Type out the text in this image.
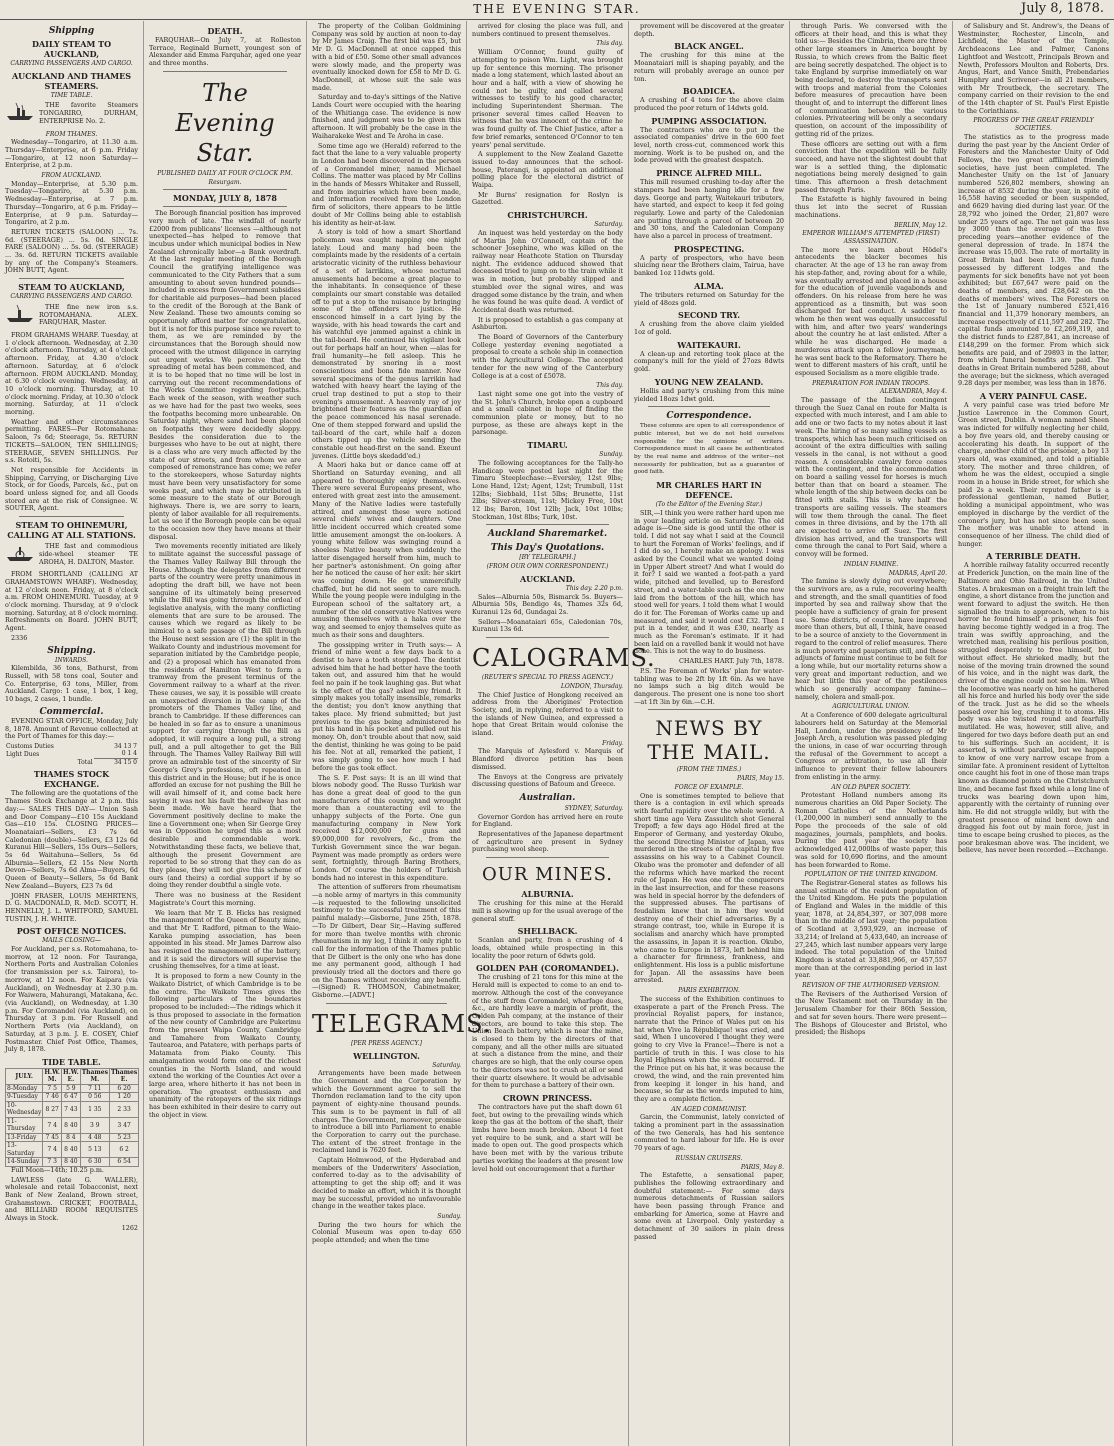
THE EVENING STAR.	July 8, 1878.
Shipping
DAILY STEAM TO AUCKLAND,
CARRYING PASSENGERS AND CARGO.
AUCKLAND AND THAMES STEAMERS.
TIME TABLE.

THE favorite Steamers TONGARIRO, DURHAM, ENTERPRISE No. 2.

FROM THAMES.

Wednesday—Tongariro, at 11.30 a.m. Thursday—Enterprise, at 6 p.m. Friday—Tongariro, at 12 noon Saturday—Enterprise, at 2 p.m.

FROM AUCKLAND.

Monday—Enterprise, at 5.30 p.m. Tuesday—Tongariro, at 5.30 p.m. Wednesday—Enterprise, at 7 p.m. Thursday—Tongariro, at 6 p.m. Friday—Enterprise, at 9 p.m. Saturday—Tongariro, at 2 p.m.

RETURN TICKETS (SALOON) ... 7s. 6d. (STEERAGE) ... 5s. 0d. SINGLE FARE (SALOON) ... 5s. 0d. (STEERAGE) ... 3s. 6d. RETURN TICKETS available by any of the Company's Steamers. JOHN BUTT, Agent.

STEAM TO AUCKLAND,
CARRYING PASSENGERS AND CARGO.

THE fine new iron s.s. ROTOMAHANA. ALEX. FARQUHAR, Master.

FROM GRAHAMS WHARF. Tuesday, at 1 o'clock afternoon. Wednesday, at 2.30 o'clock afternoon. Thursday, at 4 o'clock afternoon. Friday, at 4.30 o'clock afternoon. Saturday, at 6 o'clock afternoon. FROM AUCKLAND. Monday, at 6.30 o'clock evening. Wednesday, at 10 o'clock morning. Thursday, at 10 o'clock morning. Friday, at 10.30 o'clock morning. Saturday, at 11 o'clock morning.

Weather and other circumstances permitting. FARES—Per Rotomahana: Saloon, 7s 6d; Steerage, 5s. RETURN TICKETS—SALOON, TEN SHILLINGS; STEERAGE, SEVEN SHILLINGS. Per s.s. Rotoiti, 5s.

Not responsible for Accidents in Shipping, Carrying, or Discharging Live Stock, or for Goods, Parcels, &c., put on board unless signed for, and all Goods stored are at the risk of Consignee. W. SOUTER, Agent.

STEAM TO OHINEMURI, CALLING AT ALL STATIONS.

THE fast and commodious side-wheel steamer TE AROHA, H. DALTON, Master.

FROM SHORTLAND (CALLING AT GRAHAMSTOWN WHARF). Wednesday, at 12 o'clock noon. Friday, at 8 o'clock a.m. FROM OHINEMURI. Tuesday, at 9 o'clock morning. Thursday, at 9 o'clock morning. Saturday, at 8 o'clock morning. Refreshments on Board. JOHN BUTT, Agent.

2336

Shipping.
INWARDS.

Kilembilda, 36 tons, Bathurst, from Russell, with 58 tons coal, Souter and Co. Enterprise, 63 tons, Miller, from Auckland. Cargo: 1 case, 1 box, 1 keg, 10 bags, 2 cases, 1 bundle.

Commercial.

EVENING STAR OFFICE, Monday, July 8, 1878. Amount of Revenue collected at the Port of Thames for this day:—

Customs Duties	34 13 7
Light Dues	0 1 4
Total	34 15 0
THAMES STOCK EXCHANGE.

The following are the quotations of the Thames Stock Exchange at 2 p.m. this day:— SALES THIS DAY— Union Sash and Door Company—£10 15s Auckland Gas—£10 15s. CLOSING PRICES— Moanataiari—Sellers, £3 7s 6d Caledonian (double)—Sellers, £3 12s 6d Kuranui Hill—Sellers, 15s Ours—Sellers, 5s 6d Waitahuna—Sellers, 5s 6d Alburnia—Sellers, £2 15s New North Devon—Sellers, 7s 6d Alma—Buyers, 6d Queen of Beauty—Sellers, 5s 6d Bank New Zealand—Buyers, £23 7s 6d

JOHN FRASER, LOUIS MEHRTENS, D. G. MACDONALD, R. McD. SCOTT, H. HENNELLY, J. L. WHITFORD, SAMUEL TUSTIN, J. H. WHITE.

POST OFFICE NOTICES.
MAILS CLOSING—

For Auckland, per s.s. Rotomahana, to-morrow, at 12 noon. For Tauranga, Northern Ports and Australian Colonies (for transmission per s.s. Tairora), to-morrow, at 12 noon. For Kaipara (via Auckland), on Wednesday at 2.30 p.m. For Waiwera, Mahurangi, Matakana, &c. (via Auckland), on Wednesday, at 1.30 p.m. For Coromandel (via Auckland), on Thursday at 3 p.m. For Russell and Northern Ports (via Auckland), on Saturday, at 3 p.m. J. E. COSEY, Chief Postmaster. Chief Post Office, Thames, July 8, 1878.

TIDE TABLE.
JULY.	H.W. M.	H.W. E.	Thames M.	Thames E.
8-Monday	7 5	5 9	7 11	6 20
9-Tuesday	7 46	6 47	0 56	1 20
10-Wednesday	8 27	7 43	1 35	2 33
11-Thursday	7 4	8 40	3 9	3 47
13-Friday	7 45	8 4	4 48	5 23
13-Saturday	7 4	8 40	5 13	6 2
14-Sunday	7 3	8 40	6 30	6 54

Full Moon—14th; 10.25 p.m.

LAWLESS (late G. WALLER), wholesale and retail Tobacconist, next Bank of New Zealand, Brown street, Grahamstown. CRICKET, FOOTBALL, and BILLIARD ROOM REQUISITES Always in Stock.

1262

DEATH.

FARQUHAR—On July 7, at Rolleston Terrace, Reginald Burnett, youngest son of Alexander and Emma Farquhar, aged one year and three months.

The Evening Star.
PUBLISHED DAILY AT FOUR O'CLOCK P.M.
Resurgam.
MONDAY, JULY 8, 1878

The Borough financial position has improved very much of late. The windfall of nearly £2000 from publicans' licenses —although not unexpected—has helped to remove that incubus under which municipal bodies in New Zealand chronically labor—a Bank overdraft. At the last regular meeting of the Borough Council the gratifying intelligence was communicated to the City Fathers that a sum amounting to about seven hundred pounds—included in excess from Government subsidies for charitable aid purposes—had been placed to the credit of the Borough at the Bank of New Zealand. These two amounts coming so opportunely afford matter for congratulation, but it is not for this purpose since we revert to them, as we are reminded by the circumstances that the Borough should now proceed with the utmost diligence in carrying out urgent works. We perceive that the spreading of metal has been commenced, and it is to be hoped that no time will be lost in carrying out the recent recommendations of the Works Committee regarding footpaths. Each week of the season, with weather such as we have had for the past two weeks, sees the footpaths becoming more unbearable. On Saturday night, where sand had been placed on footpaths they were decidedly sloppy. Besides the consideration due to the burgesses who have to be out at night, there is a class who are very much affected by the state of our streets, and from whom we are composed of remonstrance has come; we refer to the storekeepers, whose Saturday nights must have been very unsatisfactory for some weeks past, and which may be attributed in some measure to the state of our Borough highways. There is, we are sorry to learn, plenty of labor available for all requirements. Let us see if the Borough people can be equal to the occasion now they have means at their disposal.

Two movements recently initiated are likely to militate against the successful passage of the Thames Valley Railway Bill through the House. Although the delegates from different parts of the country were pretty unanimous in adopting the draft bill, we have not been sanguine of its ultimately being preserved while the Bill was going through the ordeal of legislative analysis, with the many conflicting elements that are sure to be aroused. The causes which we regard as likely to be inimical to a safe passage of the Bill through the House next session are (1) the split in the Waikato County and industrious movement for separation initiated by the Cambridge people, and (2) a proposal which has emanated from the residents of Hamilton West to form a tramway from the present terminus of the Government railway to a wharf at the river. These causes, we say, it is possible will create an unexpected diversion in the camp of the promoters of the Thames Valley line, and branch to Cambridge. If these differences can be healed in so far as to ensure a unanimous support for carrying through the Bill as adopted, it will require a long pull, a strong pull, and a pull altogether to get the Bill through. The Thames Valley Railway Bill will prove an admirable test of the sincerity of Sir George's Grey's professions, oft repeated in this district and in the House; but if he is once afforded an excuse for not pushing the Bill he will avail himself of it, and come back here saying it was not his fault the railway has not been made. We have heard that the Government positively decline to make the line a Government one; when Sir George Grey was in Opposition he urged this as a most desirable and commendable work. Notwithstanding these facts, we believe that, although the present Government are reported to be so strong that they can do as they please, they will not give this scheme of ours (and theirs) a cordial support if by so doing they render doubtful a single vote.

There was no business at the Resident Magistrate's Court this morning.

We learn that Mr T. B. Hicks has resigned the management of the Queen of Beauty mine, and that Mr T. Radford, pitman to the Waio-Karaka pumping association, has been appointed in his stead. Mr James Darrow also has resigned the management of the battery, and it is said the directors will supervise the crushing themselves, for a time at least.

It is proposed to form a new County in the Waikato District, of which Cambridge is to be the centre. The Waikato Times gives the following particulars of the boundaries proposed to be included:—The ridings which it is thus proposed to associate in the formation of the new county of Cambridge are Pukerimu from the present Waipa County, Cambridge and Tamahere from Waikato County, Tautearoa, and Patatere, with perhaps parts of Matamata from Piako County. This amalgamation would form one of the richest counties in the North Island, and would extend the working of the Counties Act over a large area, where hitherto it has not been in operation. The greatest enthusiasm and unanimity of the ratepayers of the six ridings has been exhibited in their desire to carry out the object in view.

The property of the Coliban Goldmining Company was sold by auction at noon to-day by Mr James Craig. The first bid was £5, but Mr D. G. MacDonnell at once capped this with a bid of £50. Some other small advances were slowly made, and the property was eventually knocked down for £58 to Mr D. G. MacDonnell, at whose suit the sale was made.

Saturday and to-day's sittings of the Native Lands Court were occupied with the hearing of the Whitianga case. The evidence is now finished, and judgment was to be given this afternoon. It will probably be the case in the Waiharakeke West and Te Aroha in case.

Some time ago we (Herald) referred to the fact that the lane to a very valuable property in London had been discovered in the person of a Coromandel miner, named Michael Collins. The matter was placed by Mr Collins in the hands of Messrs Whitaker and Russell, and from inquiries which have been made, and information received from the London firm of solicitors, there appears to be little doubt of Mr Collins being able to establish his identity as heir-at-law.

A story is told of how a smart Shortland policeman was caught napping one night lately. Loud and many had been the complaints made by the residents of a certain aristocratic vicinity of the ruthless behaviour of a set of larrikins, whose nocturnal amusements had become a great plague to the inhabitants. In consequence of these complaints our smart constable was detailed off to put a stop to the nuisance by bringing some of the offenders to justice. He ensconced himself in a cart lying by the wayside, with his head towards the cart and his watchful eye jammed against a chink in the tail-board. He continued his vigilant look out for perhaps half an hour, when —alas for frail humanity—he fell asleep. This he demonstrated by snoring in a most conscientious and bona fide manner. Now several specimens of the genus larrikin had watched with heavy heart the laying of the cruel trap destined to put a stop to their evening's amusement. A heavenly ray of joy brightened their features as the guardian of the peace commenced his nasal serenade. One of them stepped forward and upslid the tail-board of the cart, while half a dozen others tipped up the vehicle sending the constable out head-first on the sand. Exeunt juvenes. (Little boys skedadd'ed.)

A Maori haka but or dance came off at Shortland on Saturday evening, and all appeared to thoroughly enjoy themselves. There were several Europeans present, who entered with great zest into the amusement. Many of the Native ladies were tastefully attired, and amongst these were noticed several chiefs' wives and daughters. One little incident occurred which created some little amusement amongst the on-lookers. A young white fellow was swinging round a shoeless Native beauty when suddenly the latter disengaged herself from him, much to her partner's astonishment. On going after her he noticed the cause of her exit: her skirt was coming down. He got unmercifully chaffed, but he did not seem to care much. While the young people were indulging in the European school of the saltatory art, a number of the old conservative Natives were amusing themselves with a haka over the way, and seemed to enjoy themselves quite as much as their sons and daughters.

The gossipping writer in Truth says:— A friend of mine went a few days back to a dentist to have a tooth stopped. The dentist advised him that he had better have the tooth taken out, and assured him that he would feel no pain if he took laughing gas. But what is the effect of the gas? asked my friend. It simply makes you totally insensible, remarks the dentist; you don't know anything that takes place. My friend submitted; but just previous to the gas being administered he put his hand in his pocket and pulled out his money. Oh, don't trouble about that now, said the dentist, thinking he was going to be paid his fee. Not at all, remarked the patient, I was simply going to see how much I had before the gas took effect.

The S. F. Post says: It is an ill wind that blows nobody good. The Russo Turkish war has done a great deal of good to the gun manufacturers of this country, and wrought more than a counteracting evil to the unhappy subjects of the Porte. One gun manufacturing company in New York received $12,000,000 for guns and $9,000,000 for revolvers, &c., from the Turkish Government since the war began. Payment was made promptly as orders were sent, fortnightly, through Baring Brothers, London. Of course the holders of Turkish bonds had no interest in this expenditure.

The attention of sufferers from rheumatism—a noble army of martyrs in this community—is requested to the following unsolicited testimony to the successful treatment of this painful malady:—Gisborne, June 25th, 1878.—To Dr Gilbert, Dear Sir,—Having suffered for more than twelve months with chronic rheumatism in my leg, I think it only right to call for the information of the Thames public that Dr Gilbert is the only one who has done me any permanent good, although I had previously tried all the doctors and there go on the Thames without receiving any benefit.—(Signed) R. THOMSON, Cabinetmaker, Gisborne.—[ADVT.]

TELEGRAMS.
[PER PRESS AGENCY.]
WELLINGTON.
Saturday.

Arrangements have been made between the Government and the Corporation by which the Government agree to sell the Thorndon reclamation land to the city upon payment of eighty-nine thousand pounds. This sum is to be payment in full of all charges. The Government, moreover, promise to introduce a bill into Parliament to enable the Corporation to carry out the purchase. The extent of the street frontage in the reclaimed land is 7620 feet.

Captain Holmwood, of the Hyderabad and members of the Underwriters' Association, conferred to-day as to the advisability of attempting to get the ship off; and it was decided to make an effort, which it is thought may be successful, provided no unfavourable change in the weather takes place.

Sunday.

During the two hours for which the Colonial Museum was open to-day 650 people attended; and when the time

arrived for closing the place was full, and numbers continued to present themselves.

This day.

William O'Connor, found guilty of attempting to poison Wm. Light, was brought up for sentence this morning. The prisoner made a long statement, which lasted about an hour and a half, with a view of showing he could not be guilty, and called several witnesses to testify to his good character, including Superintendent Sherman. The prisoner several times called Heaven to witness that he was innocent of the crime he was found guilty of. The Chief Justice, after a few brief remarks, sentenced O'Connor to ten years' penal servitude.

A supplement to the New Zealand Gazette issued to-day announces that the school-house, Paterangi, is appointed an additional polling place for the electoral district of Waipa.

Mr Burns' resignation for Roslyn is Gazetted.

CHRISTCHURCH.
Saturday.

An inquest was held yesterday on the body of Martin John O'Connell, captain of the schooner Josephine, who was killed on the railway near Heathcote Station on Thursday night. The evidence adduced showed that deceased tried to jump on to the train while it was in motion, but probably slipped and stumbled over the signal wires, and was dragged some distance by the train, and when he was found he was quite dead. A verdict of Accidental death was returned.

It is proposed to establish a gas company at Ashburton.

The Board of Governors of the Canterbury College yesterday evening negotiated a proposal to create a schole ship in connection with the Agricultural College. The accepted tender for the new wing of the Canterbury College is at a cost of £5078.

This day.

Last night some one got into the vestry of the St. John's Church, broke open a cupboard and a small cabinet in hope of finding the communion plate or money, but to no purpose, as these are always kept in the parsonage.

TIMARU.
Sunday.

The following acceptances for the Tally-ho Handicap were posted last night for the Timaru Steeplechase:—Eversley, 12st 9lbs; Lone Hand, 12st; Agent, 12st; Trumbull, 11st 12lbs; Siebbald, 11st 5lbs; Brunette, 11st 2lbs; Silver-stream, 11st; Mickey Free, 10st 12 lbs; Baron, 10st 12lb; Jack, 10st 10lbs; Stockman, 10st 8lbs; Turk, 10st.

Auckland Sharemarket.
This Day's Quotations.
[BY TELEGRAPH.]
(FROM OUR OWN CORRESPONDENT.)
AUCKLAND.
This day. 2.20 p.m.

Sales—Alburnia 50s, Bismarck 5s. Buyers—Alburnia 50s, Bendigo 4s, Thames 32s 6d, Kuranui 12s 6d, Gundagai 2s.

Sellers—Moanataiari 65s, Caledonian 70s, Kuranui 13s 6d.

CALOGRAMS.
(REUTER'S SPECIAL TO PRESS AGENCY.)
LONDON, Thursday.

The Chief Justice of Hongkong received an address from the Aborigines' Protection Society, and, in replying, referred to a visit to the islands of New Guinea, and expressed a hope that Great Britain would colonise the island.

Friday.

The Marquis of Aylesford v. Marquis of Blandford divorce petition has been dismissed.

The Envoys at the Congress are privately discussing questions of Batoum and Greece.

Australian.
SYDNEY, Saturday.

Governor Gordon has arrived here en route for England.

Representatives of the Japanese department of agriculture are present in Sydney purchasing wool sheep.

OUR MINES.
ALBURNIA.

The crushing for this mine at the Herald mill is showing up for the usual average of the general stuff.

SHELLBACK.

Scanlan and party, from a crushing of 4 loads, obtained while prospecting in this locality the poor return of 6dwts gold.

GOLDEN PAH (COROMANDEL).

The crushing of 21 tons for this mine at the Herald mill is expected to come to an end to-morrow. Although the cost of the conveyance of the stuff from Coromandel, wharfage dues, &c., are hardly leave a margin of profit, the Golden Pah company, at the instance of their directors, are bound to take this step. The Union Beach battery, which is near the mine, is closed to them by the directors of that company, and all the other mills are situated at such a distance from the mine, and their charges are so high, that the only course open to the directors was not to crush at all or send their quartz elsewhere. It would be advisable for them to purchase a battery of their own.

CROWN PRINCESS.

The contractors have put the shaft down 61 feet, but owing to the prevailing winds which keep the gas at the bottom of the shaft, their limbs have been much broken. About 14 feet yet require to be sunk, and a start will be made to open out. The good prospects which have been met with by the various tribute parties working the leaders at the present low level hold out encouragement that a further

provement will be discovered at the greater depth.

BLACK ANGEL.

The crushing for this mine at the Moanataiari mill is shaping payably, and the return will probably average an ounce per ton.

BOADICEA.

A crushing of 4 tons for the above claim produced the poor return of 14dwts gold.

PUMPING ASSOCIATION.

The contractors who are to put in the associated companies' drive in the 600 feet level, north cross-cut, commenced work this morning. Work is to be pushed on, and the lode proved with the greatest despatch.

PRINCE ALFRED MILL.

This mill resumed crushing to-day after the stampers had been hanging idle for a few days. George and party, Waitekauri tributers, have started, and expect to keep it fed going regularly. Lowe and party of the Caledonian are putting through a parcel of between 20 and 30 tons, and the Caledonian Company have also a parcel in process of treatment.

PROSPECTING.

A party of prospectors, who have been sluicing near the Brothers claim, Tairua, have banked 1oz 11dwts gold.

ALMA.

The tributers returned on Saturday for the yield of 48ozs gold.

SECOND TRY.

A crushing from the above claim yielded 1oz of gold.

WAITEKAURI.

A clean-up and retorting took place at the company's mill for the yield of 27ozs 8dwts gold.

YOUNG NEW ZEALAND.

Hollis and party's crushing from this mine yielded 18ozs 1dwt gold.

Correspondence.

These columns are open to all correspondence of public interest, but we do not hold ourselves responsible for the opinions of writers. Correspondence must in all cases be authenticated by the real name and address of the writer—not necessarily for publication, but as a guarantee of good faith.

MR CHARLES HART IN DEFENCE.
(To the Editor of the Evening Star.)

SIR,—I think you were rather hard upon me in your leading article on Saturday. The old adage is—One side is good until the other is told. I did not say what I said at the Council to hurt the Foreman of Works' feelings, and if I did do so, I hereby make an apology. I was asked by the Council what we wanted doing in Upper Albert street? And what I would do it for? I said we wanted a foot-path a yard wide, pitched and levelled, up to Beresford street, and a water-table such as the one now laid from the bottom of the hill, which has stood well for years. I told them what I would do it for. The Foreman of Works came up and measured, and said it would cost £32. Then I put in a tender, and it was £30, nearly as much as the Foreman's estimate. If it had been laid on a ravelled bank it would not have done. This is not the way to do business.

CHARLES HART. July 7th, 1878.

P.S. The Foreman of Works' plan for water-tabling was to be 2ft by 1ft 6in. As we have no lamps such a big ditch would be dangerous. The present one is none too short—at 1ft 3in by 6in.—C.H.

NEWS BY THE MAIL.
(FROM THE TIMES.)
PARIS, May 15.
FORCE OF EXAMPLE.

One is sometimes tempted to believe that there is a contagion in evil which spreads with fearful rapidity over the whole world. A short time ago Vera Zassulitch shot General Trepoff; a few days ago Hödel fired at the Emperor of Germany, and yesterday Okubo, the second Directing Minister of Japan, was murdered in the streets of the capital by five assassins on his way to a Cabinet Council. Okubo was the promoter and defender of all the reforms which have marked the recent rule of Japan. He was one of the conquerors in the last insurrection, and for these reasons was held in special horror by the defenders of the suppressed abuses. The partisans of feudalism knew that in him they would destroy one of their chief adversaries. By a strange contrast, too, while in Europe it is socialism and anarchy which have prompted the assassins, in Japan it is reaction. Okubo, who came to Europe in 1873, left behind him a character for firmness, frankness, and enlightenment. His loss is a public misfortune for Japan. All the assassins have been arrested.

PARIS EXHIBITION.

The success of the Exhibition continues to exasperate a part of the French Press. The provincial Royalist papers, for instance, narrate that the Prince of Wales put on his hat when Vive la République! was cried, and said, When I uncovered I thought they were going to cry Vive la France!—There is not a particle of truth in this. I was close to his Royal Highness when the scene occurred. If the Prince put on his hat, it was because the crowd, the wind, and the rain prevented him from keeping it longer in his hand, and because, so far as the words imputed to him, they are a complete fiction.

AN AGED COMMUNIST.

Garcin, the Communist, lately convicted of taking a prominent part in the assassination of the two Generals, has had his sentence commuted to hard labour for life. He is over 70 years of age.

RUSSIAN CRUISERS.
PARIS, May 8.

The Estafette, a sensational paper, publishes the following extraordinary and doubtful statement:— For some days numerous detachments of Russian sailors have been passing through France and embarking for America, some at Havre and some even at Liverpool. Only yesterday a detachment of 30 sailors in plain dress passed

through Paris. We conversed with the officers at their head, and this is what they told us:— Besides the Cimbria, there are three other large steamers in America bought by Russia, to which crews from the Baltic fleet are being secretly despatched. The object is to take England by surprise immediately on war being declared, to destroy the transports sent with troops and material from the Colonies before measures of precaution have been thought of, and to interrupt the different lines of communication between the various colonies. Privateering will be only a secondary question, on account of the impossibility of getting rid of the prizes.

These officers are setting out with a firm conviction that the expedition will be fully succeed, and have not the slightest doubt that war is a settled thing, the diplomatic negotiations being merely designed to gain time. This afternoon a fresh detachment passed through Paris.

The Estafette is highly favoured in being thus let into the secret of Russian machinations.

BERLIN, May 12.
EMPEROR WILLIAM'S ATTEMPTED (FIRST) ASSASSINATION.

The more we learn about Hödel's antecedents the blacker becomes his character. At the age of 13 he ran away from his step-father, and, roving about for a while, was eventually arrested and placed in a house for the education of juvenile vagabonds and offenders. On his release from here he was apprenticed as a tinsmith, but was soon discharged for bad conduct. A saddler to whom he then went was equally unsuccessful with him, and after two years' wanderings about the country he at last enlisted. After a while he was discharged. He made a murderous attack upon a fellow journeyman, he was sent back to the Reformatory. There he went to different masters of his craft, until he espoused Socialism as a more eligible trade.

PREPARATION FOR INDIAN TROOPS.
ALEXANDRIA, May 4.

The passage of the Indian contingent through the Suez Canal en route for Malta is expected with much interest, and I am able to add one or two facts to my notes about it last week. The hiring of so many sailing vessels as transports, which has been much criticised on account of the extra difficulties with sailing vessels in the canal, is not without a good reason. A considerable cavalry force comes with the contingent, and the accommodation on board a sailing vessel for horses is much better than that on board a steamer. The whole length of the ship between decks can be fitted with stalls. This is why half the transports are sailing vessels. The steamers will tow them through the canal. The fleet comes in three divisions, and by the 17th all are expected to arrive off Suez. The first division has arrived, and the transports will come through the canal to Port Said, where a convoy will be formed.

INDIAN FAMINE.
MADRAS, April 20.

The famine is slowly dying out everywhere; the survivors are, as a rule, recovering health and strength, and the small quantities of food imported by sea and railway show that the people have a sufficiency of grain for present use. Some districts, of course, have improved more than others, but all, I think, have ceased to be a source of anxiety to the Government in regard to the control of relief measures. There is much poverty and pauperism still, and these adjuncts of famine must continue to be felt for a long while, but our mortality returns show a very great and important reduction, and we hear but little this year of the pestilences which so generally accompany famine—namely, cholera and small-pox.

AGRICULTURAL UNION.

At a Conference of 600 delegate agricultural labourers held on Saturday at the Memorial Hall, London, under the presidency of Mr Joseph Arch, a resolution was passed pledging the unions, in case of war occurring through the refusal of the Government to accept a Congress or arbitration, to use all their influence to prevent their fellow labourers from enlisting in the army.

AN OLD PAPER SOCIETY.

Protestant Holland numbers among its numerous charities an Old Paper Society. The Roman Catholics of the Netherlands (1,200,000 in number) send annually to the Pope the proceeds of the sale of old magazines, journals, pamphlets, and books. During the past year the society has acknowledged 412,000lbs of waste paper, this was sold for 10,690 florins, and the amount has been forwarded to Rome.

POPULATION OF THE UNITED KINGDOM.

The Registrar-General states as follows his annual estimate of the resident population of the United Kingdom. He puts the population of England and Wales in the middle of this year, 1878, at 24,854,397, or 307,098 more than in the middle of last year; the population of Scotland at 3,593,929, an increase of 33,214; of Ireland at 5,433,640, an increase of 27,245, which last number appears very large indeed. The total population of the United Kingdom is stated at 33,881,966, or 457,557 more than at the corresponding period in last year.

REVISION OF THE AUTHORISED VERSION.

The Revisers of the Authorised Version of the New Testament met on Thursday in the Jerusalem Chamber for their 86th Session, and sat for seven hours. There were present—The Bishops of Gloucester and Bristol, who presided; the Bishops

of Salisbury and St. Andrew's, the Deans of Westminster, Rochester, Lincoln, and Lichfield, the Master of the Temple, Archdeacons Lee and Palmer, Canons Lightfoot and Westcott, Principals Brown and Newth, Professors Moulton and Roberts, Drs. Angus, Hart, and Vance Smith, Prebendaries Humphry and Scrivener—in all 21 members, with Mr Troutbeck, the secretary. The company carried on their revision to the end of the 14th chapter of St. Paul's First Epistle to the Corinthians.

PROGRESS OF THE GREAT FRIENDLY SOCIETIES.

The statistics as to the progress made during the past year by the Ancient Order of Foresters and the Manchester Unity of Odd Fellows, the two great affiliated friendly societies, have just been completed. The Manchester Unity on the 1st of January numbered 526,802 members, showing an increase of 8532 during the year, in spite of 16,558 having seceded or been suspended, and 6629 having died during last year. Of the 28,792 who joined the Order, 21,807 were under 25 years of age. The net gain was less by 3000 than the average of the five preceding years—another evidence of the general depression of trade. In 1874 the increase was 15,003. The rate of mortality in Great Britain had been 1.39. The funds possessed by different lodges and the payments for sick benefits have not yet been exhibited; but £67,647 were paid on the deaths of members, and £28,642 on the deaths of members' wives. The Foresters on the 1st of January numbered £521,416 financial and 11,379 honorary members, an increase respectively of £11,597 and 282. The capital funds amounted to £2,269,319, and the district funds to £287,841, an increase of £148,299 on the former. From which sick benefits are paid, and of 29893 in the latter, from which funeral benefits are paid. The deaths in Great Britain numbered 5288, about the average; but the sickness, which averaged 9.28 days per member, was less than in 1876.

A VERY PAINFUL CASE.

A very painful case was tried before Mr Justice Lawrence in the Common Court, Green street, Dublin. A woman named Sheen was indicted for wilfully neglecting her child, a boy five years old, and thereby causing or accelerating his death. In support of the charge, another child of the prisoner, a boy 13 years old, was examined, and told a pitiable story. The mother and three children, of whom he was the eldest, occupied a single room in a house in Bride street, for which she paid 2s a week. Their reputed father is a professional gentleman, named Butler, holding a municipal appointment, who was employed in discharge by the verdict of the coroner's jury, but has not since been seen. The mother was unable to attend in consequence of her illness. The child died of hunger.

A TERRIBLE DEATH.

A horrible railway fatality occurred recently at Frederick Junction, on the main line of the Baltimore and Ohio Railroad, in the United States. A brakesman on a freight train left the engine, a short distance from the junction and went forward to adjust the switch. He then signalled the train to approach, when to his horror he found himself a prisoner, his foot having become tightly wedged in a frog. The train was swiftly approaching, and the wretched man, realising his perilous position, struggled desperately to free himself, but without effect. He shrieked madly, but the noise of the moving train drowned the sound of his voice, and in the night was dark, the driver of the engine could not see him. When the locomotive was nearly on him he gathered all his force and hurled his body over the side of the track. Just as he did so the wheels passed over his leg, crushing it to atoms. His body was also twisted round and fearfully mutilated. He was, however, still alive, and lingered for two days before death put an end to his sufferings. Such an accident, it is asserted, is without parallel, but we happen to know of one very narrow escape from a similar fate. A prominent resident of Lyttelton once caught his foot in one of those man traps known as diamond points on the Christchurch line, and became fast fixed while a long line of trucks was bearing down upon him, apparently with the certainty of running over him. He did not struggle wildly, but with the greatest presence of mind bent down and dragged his foot out by main force, just in time to escape being crushed to pieces, as the poor brakesman above was. The incident, we believe, has never been recorded.—Exchange.
